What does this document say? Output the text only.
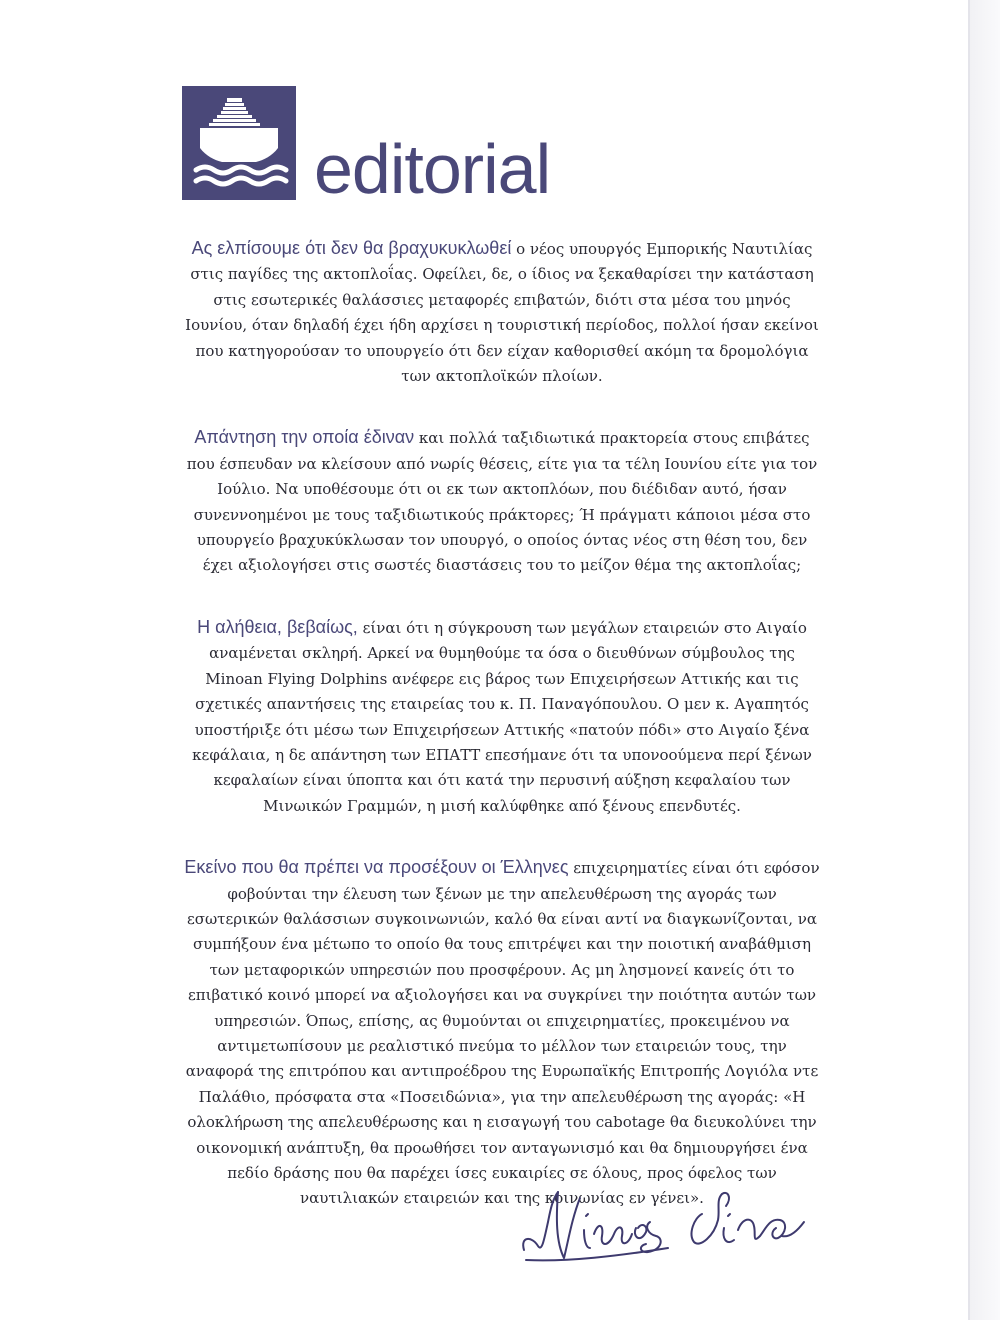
editorial

Ας ελπίσουμε ότι δεν θα βραχυκυκλωθεί ο νέος υπουργός Εμπορικής Ναυτιλίας στις παγίδες της ακτοπλοΐας. Οφείλει, δε, ο ίδιος να ξεκαθαρίσει την κατάσταση στις εσωτερικές θαλάσσιες μεταφορές επιβατών, διότι στα μέσα του μηνός Ιουνίου, όταν δηλαδή έχει ήδη αρχίσει η τουριστική περίοδος, πολλοί ήσαν εκείνοι που κατηγορούσαν το υπουργείο ότι δεν είχαν καθορισθεί ακόμη τα δρομολόγια των ακτοπλοϊκών πλοίων.

Απάντηση την οποία έδιναν και πολλά ταξιδιωτικά πρακτορεία στους επιβάτες που έσπευδαν να κλείσουν από νωρίς θέσεις, είτε για τα τέλη Ιουνίου είτε για τον Ιούλιο. Να υποθέσουμε ότι οι εκ των ακτοπλόων, που διέδιδαν αυτό, ήσαν συνεννοημένοι με τους ταξιδιωτικούς πράκτορες; Ή πράγματι κάποιοι μέσα στο υπουργείο βραχυκύκλωσαν τον υπουργό, ο οποίος όντας νέος στη θέση του, δεν έχει αξιολογήσει στις σωστές διαστάσεις του το μείζον θέμα της ακτοπλοΐας;

Η αλήθεια, βεβαίως, είναι ότι η σύγκρουση των μεγάλων εταιρειών στο Αιγαίο αναμένεται σκληρή. Αρκεί να θυμηθούμε τα όσα ο διευθύνων σύμβουλος της Minoan Flying Dolphins ανέφερε εις βάρος των Επιχειρήσεων Αττικής και τις σχετικές απαντήσεις της εταιρείας του κ. Π. Παναγόπουλου. Ο μεν κ. Αγαπητός υποστήριξε ότι μέσω των Επιχειρήσεων Αττικής «πατούν πόδι» στο Αιγαίο ξένα κεφάλαια, η δε απάντηση των ΕΠΑΤΤ επεσήμανε ότι τα υπονοούμενα περί ξένων κεφαλαίων είναι ύποπτα και ότι κατά την περυσινή αύξηση κεφαλαίου των Μινωικών Γραμμών, η μισή καλύφθηκε από ξένους επενδυτές.

Εκείνο που θα πρέπει να προσέξουν οι Έλληνες επιχειρηματίες είναι ότι εφόσον φοβούνται την έλευση των ξένων με την απελευθέρωση της αγοράς των εσωτερικών θαλάσσιων συγκοινωνιών, καλό θα είναι αντί να διαγκωνίζονται, να συμπήξουν ένα μέτωπο το οποίο θα τους επιτρέψει και την ποιοτική αναβάθμιση των μεταφορικών υπηρεσιών που προσφέρουν. Ας μη λησμονεί κανείς ότι το επιβατικό κοινό μπορεί να αξιολογήσει και να συγκρίνει την ποιότητα αυτών των υπηρεσιών. Όπως, επίσης, ας θυμούνται οι επιχειρηματίες, προκειμένου να αντιμετωπίσουν με ρεαλιστικό πνεύμα το μέλλον των εταιρειών τους, την αναφορά της επιτρόπου και αντιπροέδρου της Ευρωπαϊκής Επιτροπής Λογιόλα ντε Παλάθιο, πρόσφατα στα «Ποσειδώνια», για την απελευθέρωση της αγοράς: «Η ολοκλήρωση της απελευθέρωσης και η εισαγωγή του cabotage θα διευκολύνει την οικονομική ανάπτυξη, θα προωθήσει τον ανταγωνισμό και θα δημιουργήσει ένα πεδίο δράσης που θα παρέχει ίσες ευκαιρίες σε όλους, προς όφελος των ναυτιλιακών εταιρειών και της κοινωνίας εν γένει».
